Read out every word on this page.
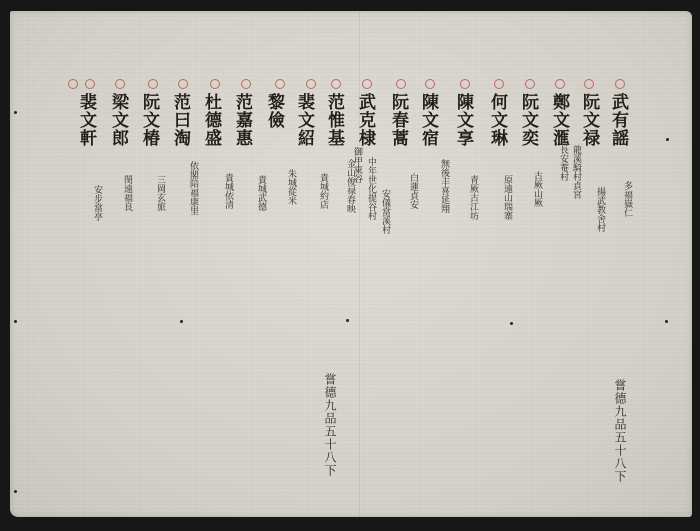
武有謡
阮文禄
鄭文滙
阮文奕
何文琳
陳文享
陳文宿
阮春蒿
武克棣
范惟基
裴文紹
黎儉
范嘉惠
杜德盛
范曰淘
阮文椿
梁文郎
裴文軒
多福嶽仁
揚武教舍村
龍溪騎村貞宮
長安菴村
古厥山厥
原遠山瑞寨
青厥古江坊
無後丰喜延翔
白蓮貞安
安儀當溪村
中年世化提谷村
御甲東谷
金山俊禄春映
貴城約店
朱城從米
貴城武德
貴城依清
依閣陪福康里
三岡玄旅
閔遠福良
安步當亭
嘗德九品五十八下	嘗德九品五十八下
